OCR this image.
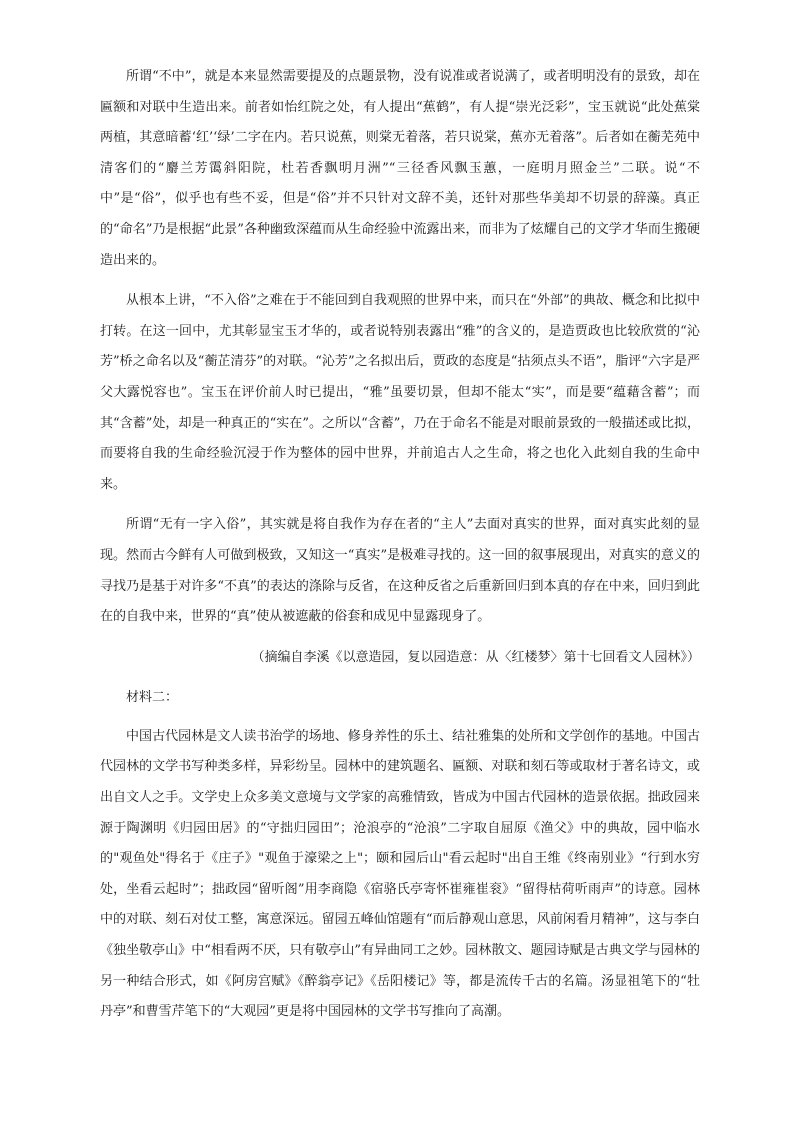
所谓“不中”，就是本来显然需要提及的点题景物，没有说准或者说满了，或者明明没有的景致，却在匾额和对联中生造出来。前者如怡红院之处，有人提出“蕉鹤”，有人提“崇光泛彩”，宝玉就说“此处蕉棠两植，其意暗蓄‘红’‘绿’二字在内。若只说蕉，则棠无着落，若只说棠，蕉亦无着落”。后者如在蘅芜苑中清客们的“麝兰芳霭斜阳院，杜若香飘明月洲”“三径香风飘玉蕙，一庭明月照金兰”二联。说“不中”是“俗”，似乎也有些不妥，但是“俗”并不只针对文辞不美，还针对那些华美却不切景的辞藻。真正的“命名”乃是根据“此景”各种幽致深蕴而从生命经验中流露出来，而非为了炫耀自己的文学才华而生搬硬造出来的。

从根本上讲，“不入俗”之难在于不能回到自我观照的世界中来，而只在“外部”的典故、概念和比拟中打转。在这一回中，尤其彰显宝玉才华的，或者说特别表露出“雅”的含义的，是造贾政也比较欣赏的“沁芳”桥之命名以及“蘅芷清芬”的对联。“沁芳”之名拟出后，贾政的态度是“拈须点头不语”，脂评“六字是严父大露悦容也”。宝玉在评价前人时已提出，“雅”虽要切景，但却不能太“实”，而是要“蕴藉含蓄”；而其“含蓄”处，却是一种真正的“实在”。之所以“含蓄”，乃在于命名不能是对眼前景致的一般描述或比拟，而要将自我的生命经验沉浸于作为整体的园中世界，并前追古人之生命，将之也化入此刻自我的生命中来。

所谓“无有一字入俗”，其实就是将自我作为存在者的“主人”去面对真实的世界，面对真实此刻的显现。然而古今鲜有人可做到极致，又知这一“真实”是极难寻找的。这一回的叙事展现出，对真实的意义的寻找乃是基于对许多“不真”的表达的涤除与反省，在这种反省之后重新回归到本真的存在中来，回归到此在的自我中来，世界的“真”使从被遮蔽的俗套和成见中显露现身了。

（摘编自李溪《以意造园，复以园造意：从〈红楼梦〉第十七回看文人园林》）

材料二：

中国古代园林是文人读书治学的场地、修身养性的乐土、结社雅集的处所和文学创作的基地。中国古代园林的文学书写种类多样，异彩纷呈。园林中的建筑题名、匾额、对联和刻石等或取材于著名诗文，或出自文人之手。文学史上众多美文意境与文学家的高雅情致，皆成为中国古代园林的造景依据。拙政园来源于陶渊明《归园田居》的“守拙归园田”；沧浪亭的“沧浪”二字取自屈原《渔父》中的典故，园中临水的"观鱼处"得名于《庄子》"观鱼于濠梁之上"；颐和园后山"看云起时"出自王维《终南别业》“行到水穷处，坐看云起时”；拙政园“留听阁”用李商隐《宿骆氏亭寄怀崔雍崔衮》“留得枯荷听雨声”的诗意。园林中的对联、刻石对仗工整，寓意深远。留园五峰仙馆题有“而后静观山意思，风前闲看月精神”，这与李白《独坐敬亭山》中“相看两不厌，只有敬亭山”有异曲同工之妙。园林散文、题园诗赋是古典文学与园林的另一种结合形式，如《阿房宫赋》《醉翁亭记》《岳阳楼记》等，都是流传千古的名篇。汤显祖笔下的“牡丹亭”和曹雪芹笔下的“大观园”更是将中国园林的文学书写推向了高潮。
